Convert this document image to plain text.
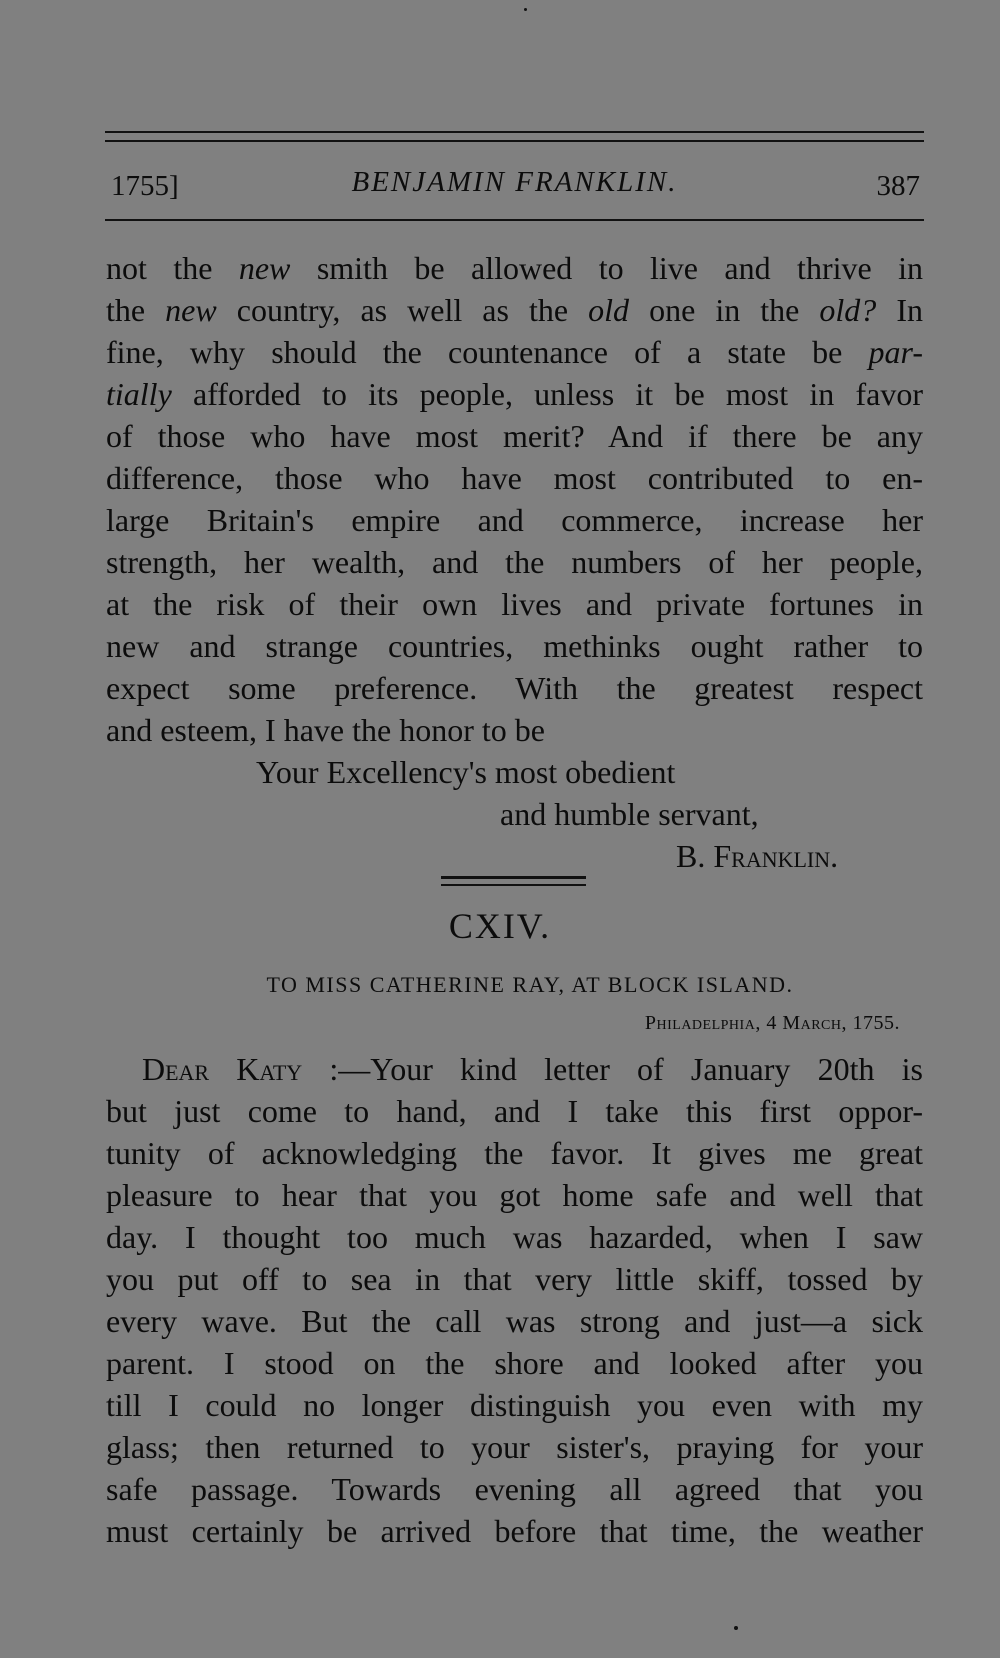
1755]	BENJAMIN FRANKLIN.	387
not the new smith be allowed to live and thrive in
the new country, as well as the old one in the old? In
fine, why should the countenance of a state be par-
tially afforded to its people, unless it be most in favor
of those who have most merit? And if there be any
difference, those who have most contributed to en-
large Britain's empire and commerce, increase her
strength, her wealth, and the numbers of her people,
at the risk of their own lives and private fortunes in
new and strange countries, methinks ought rather to
expect some preference. With the greatest respect
and esteem, I have the honor to be
Your Excellency's most obedient
and humble servant,
B. Franklin.
CXIV.
TO MISS CATHERINE RAY, AT BLOCK ISLAND.
Philadelphia, 4 March, 1755.
Dear Katy :—Your kind letter of January 20th is
but just come to hand, and I take this first oppor-
tunity of acknowledging the favor. It gives me great
pleasure to hear that you got home safe and well that
day. I thought too much was hazarded, when I saw
you put off to sea in that very little skiff, tossed by
every wave. But the call was strong and just—a sick
parent. I stood on the shore and looked after you
till I could no longer distinguish you even with my
glass; then returned to your sister's, praying for your
safe passage. Towards evening all agreed that you
must certainly be arrived before that time, the weather
